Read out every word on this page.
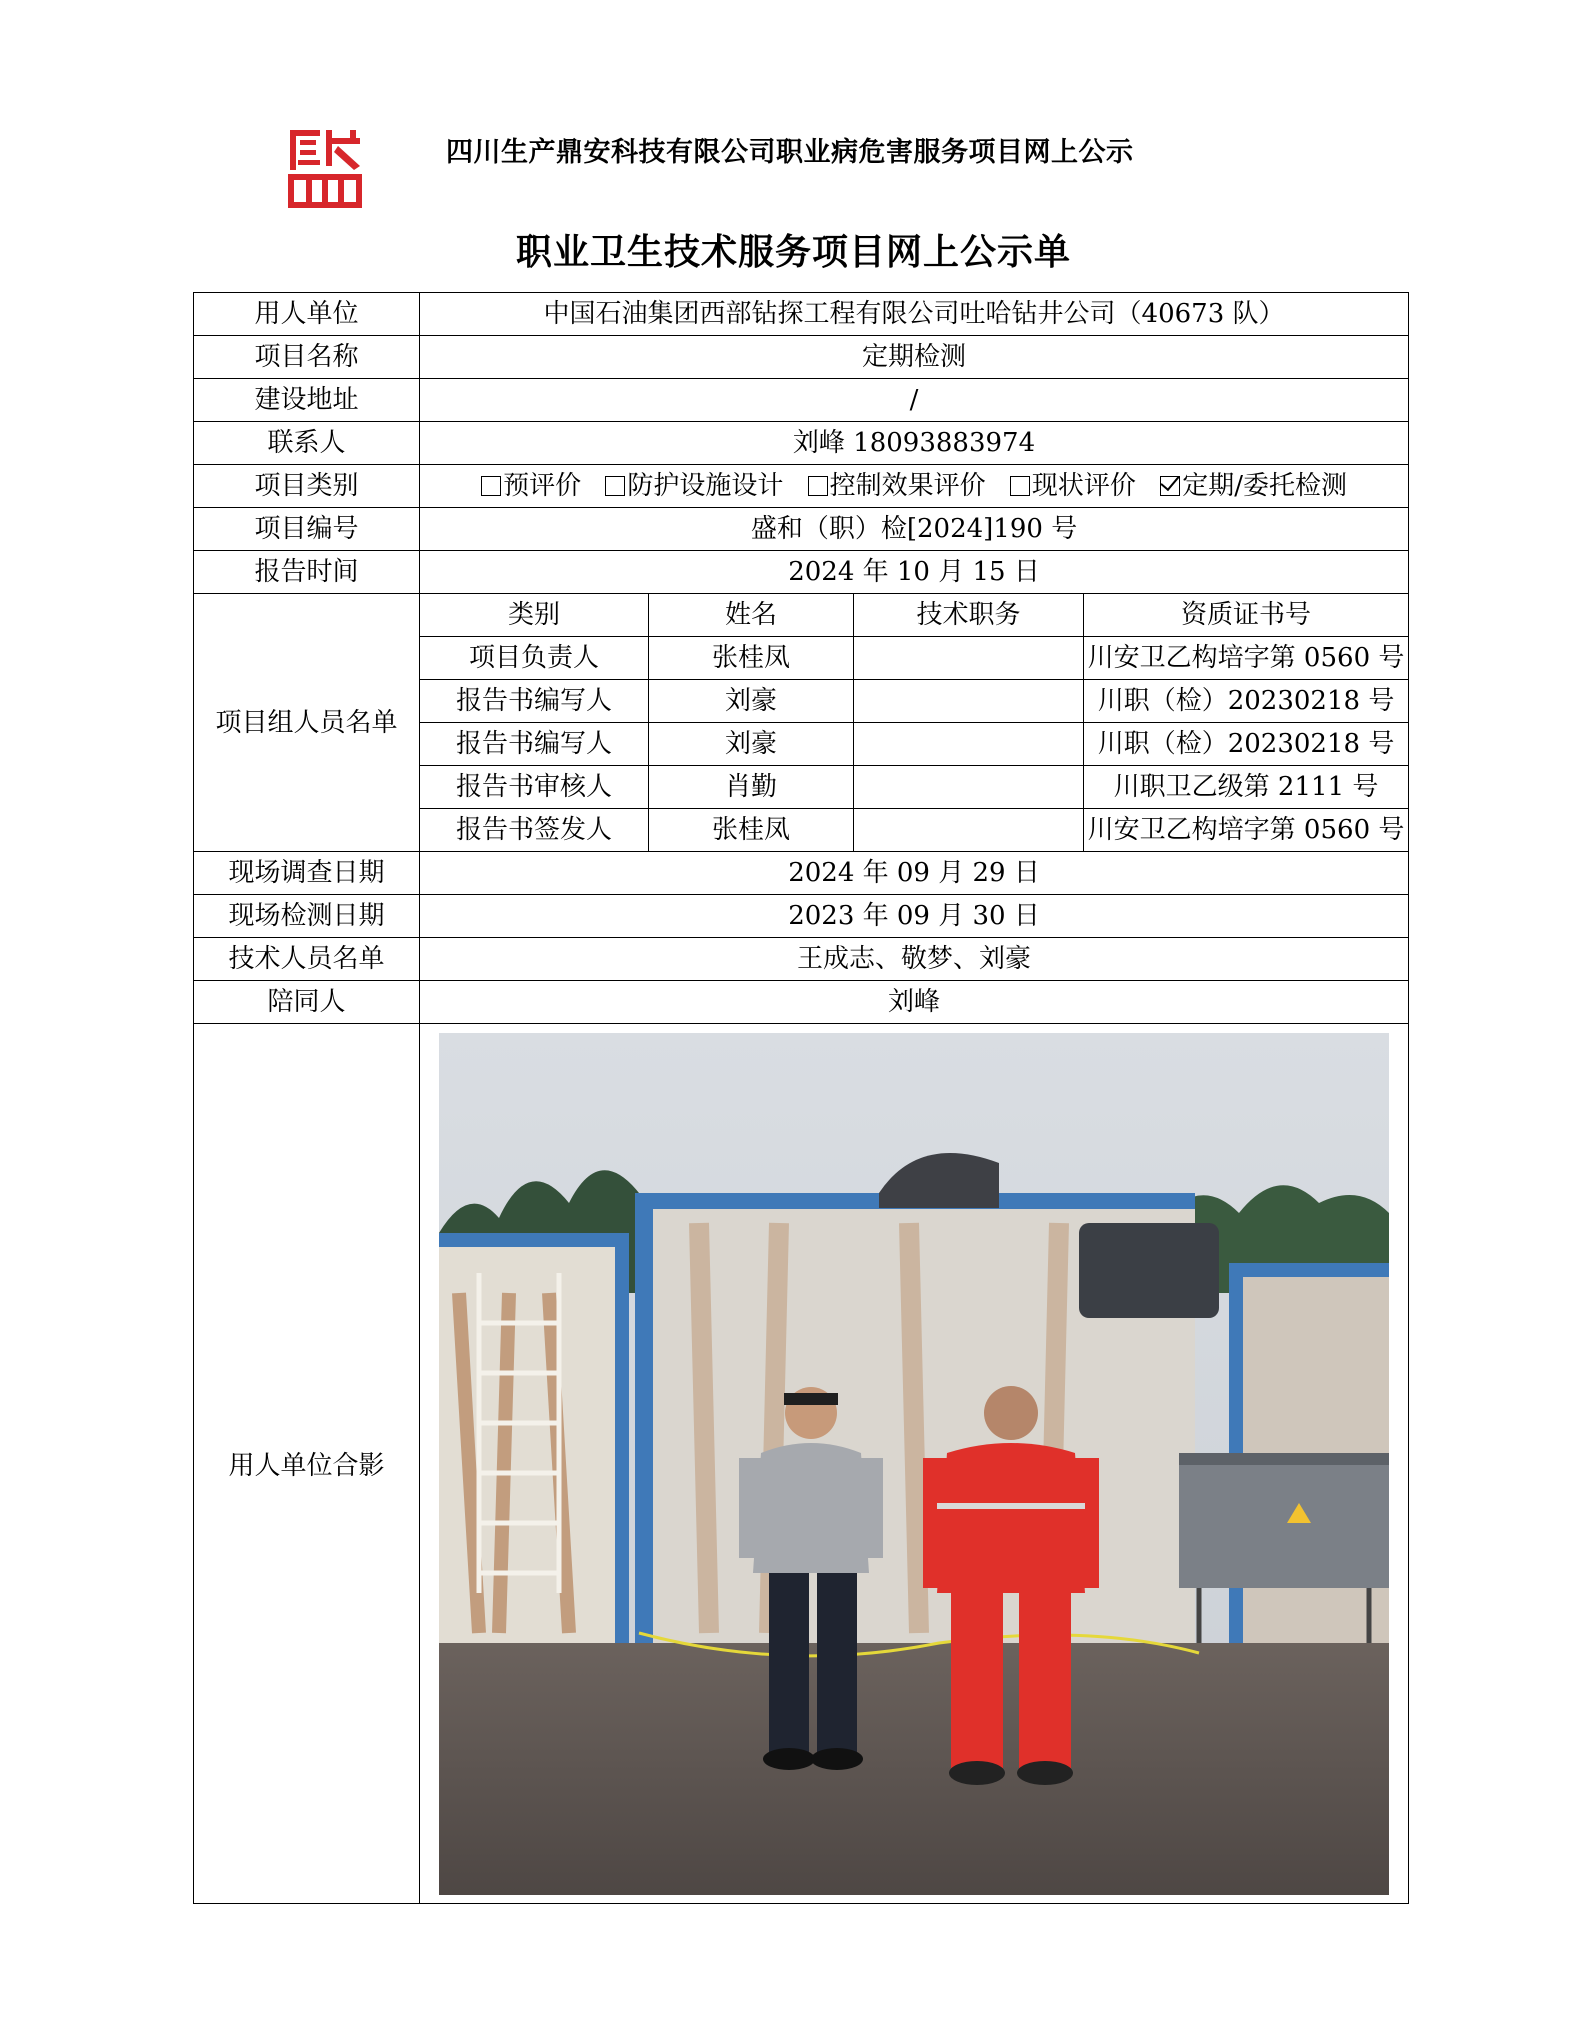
四川生产鼎安科技有限公司职业病危害服务项目网上公示
职业卫生技术服务项目网上公示单
用人单位	中国石油集团西部钻探工程有限公司吐哈钻井公司（40673 队）			
项目名称	定期检测			
建设地址	/			
联系人	刘峰 18093883974			
项目类别	预评价 防护设施设计 控制效果评价 现状评价 定期/委托检测			
项目编号	盛和（职）检[2024]190 号			
报告时间	2024 年 10 月 15 日			
项目组人员名单	类别	姓名	技术职务	资质证书号
	项目负责人	张桂凤		川安卫乙构培字第 0560 号
	报告书编写人	刘豪		川职（检）20230218 号
	报告书编写人	刘豪		川职（检）20230218 号
	报告书审核人	肖勤		川职卫乙级第 2111 号
	报告书签发人	张桂凤		川安卫乙构培字第 0560 号
现场调查日期	2024 年 09 月 29 日			
现场检测日期	2023 年 09 月 30 日			
技术人员名单	王成志、敬梦、刘豪			
陪同人	刘峰			
用人单位合影	
